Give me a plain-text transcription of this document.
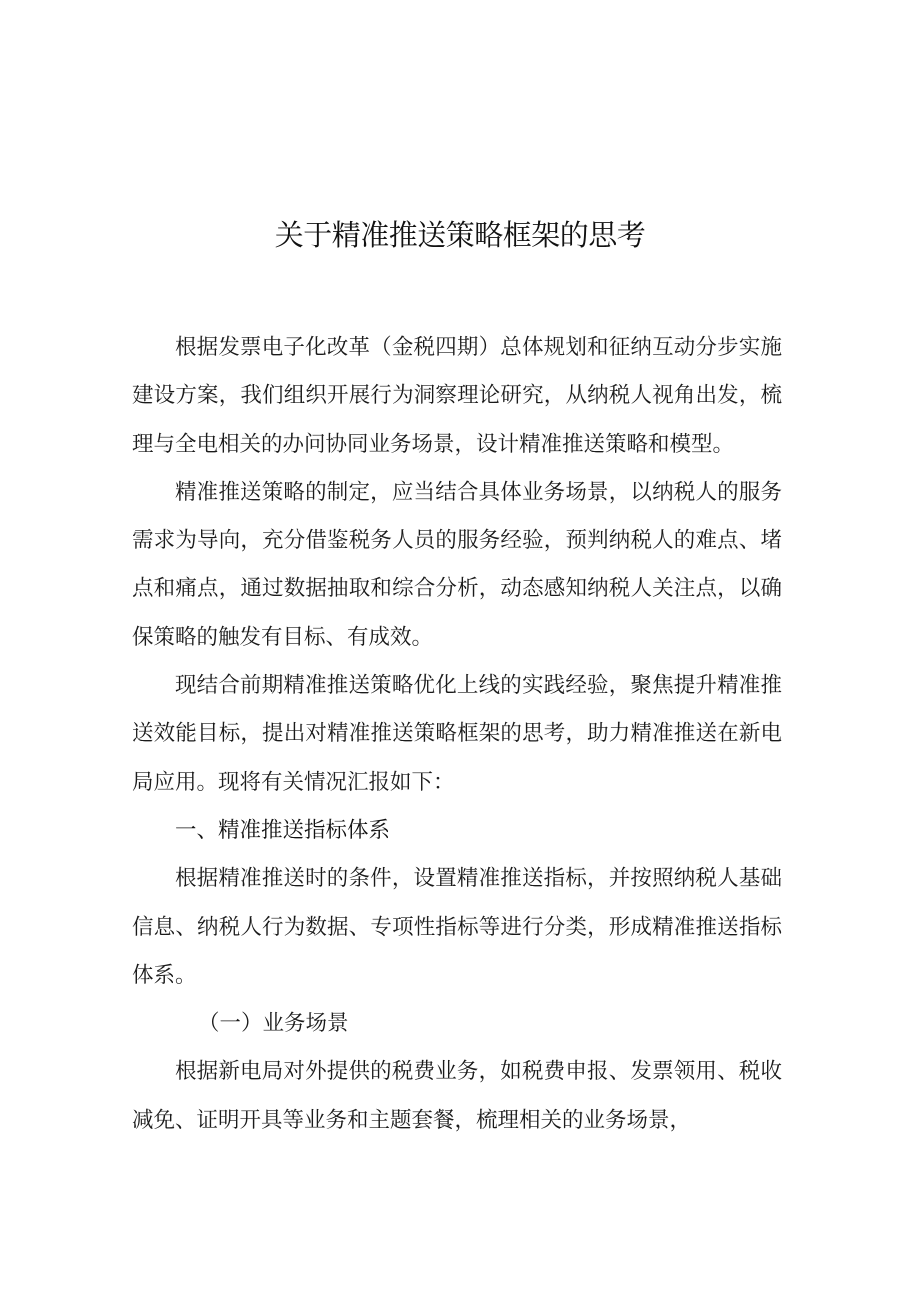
关于精准推送策略框架的思考

根据发票电子化改革（金税四期）总体规划和征纳互动分步实施建设方案，我们组织开展行为洞察理论研究，从纳税人视角出发，梳理与全电相关的办问协同业务场景，设计精准推送策略和模型。

精准推送策略的制定，应当结合具体业务场景，以纳税人的服务需求为导向，充分借鉴税务人员的服务经验，预判纳税人的难点、堵点和痛点，通过数据抽取和综合分析，动态感知纳税人关注点，以确保策略的触发有目标、有成效。

现结合前期精准推送策略优化上线的实践经验，聚焦提升精准推送效能目标，提出对精准推送策略框架的思考，助力精准推送在新电局应用。现将有关情况汇报如下：

一、精准推送指标体系

根据精准推送时的条件，设置精准推送指标，并按照纳税人基础信息、纳税人行为数据、专项性指标等进行分类，形成精准推送指标体系。

（一）业务场景

根据新电局对外提供的税费业务，如税费申报、发票领用、税收减免、证明开具等业务和主题套餐，梳理相关的业务场景，
